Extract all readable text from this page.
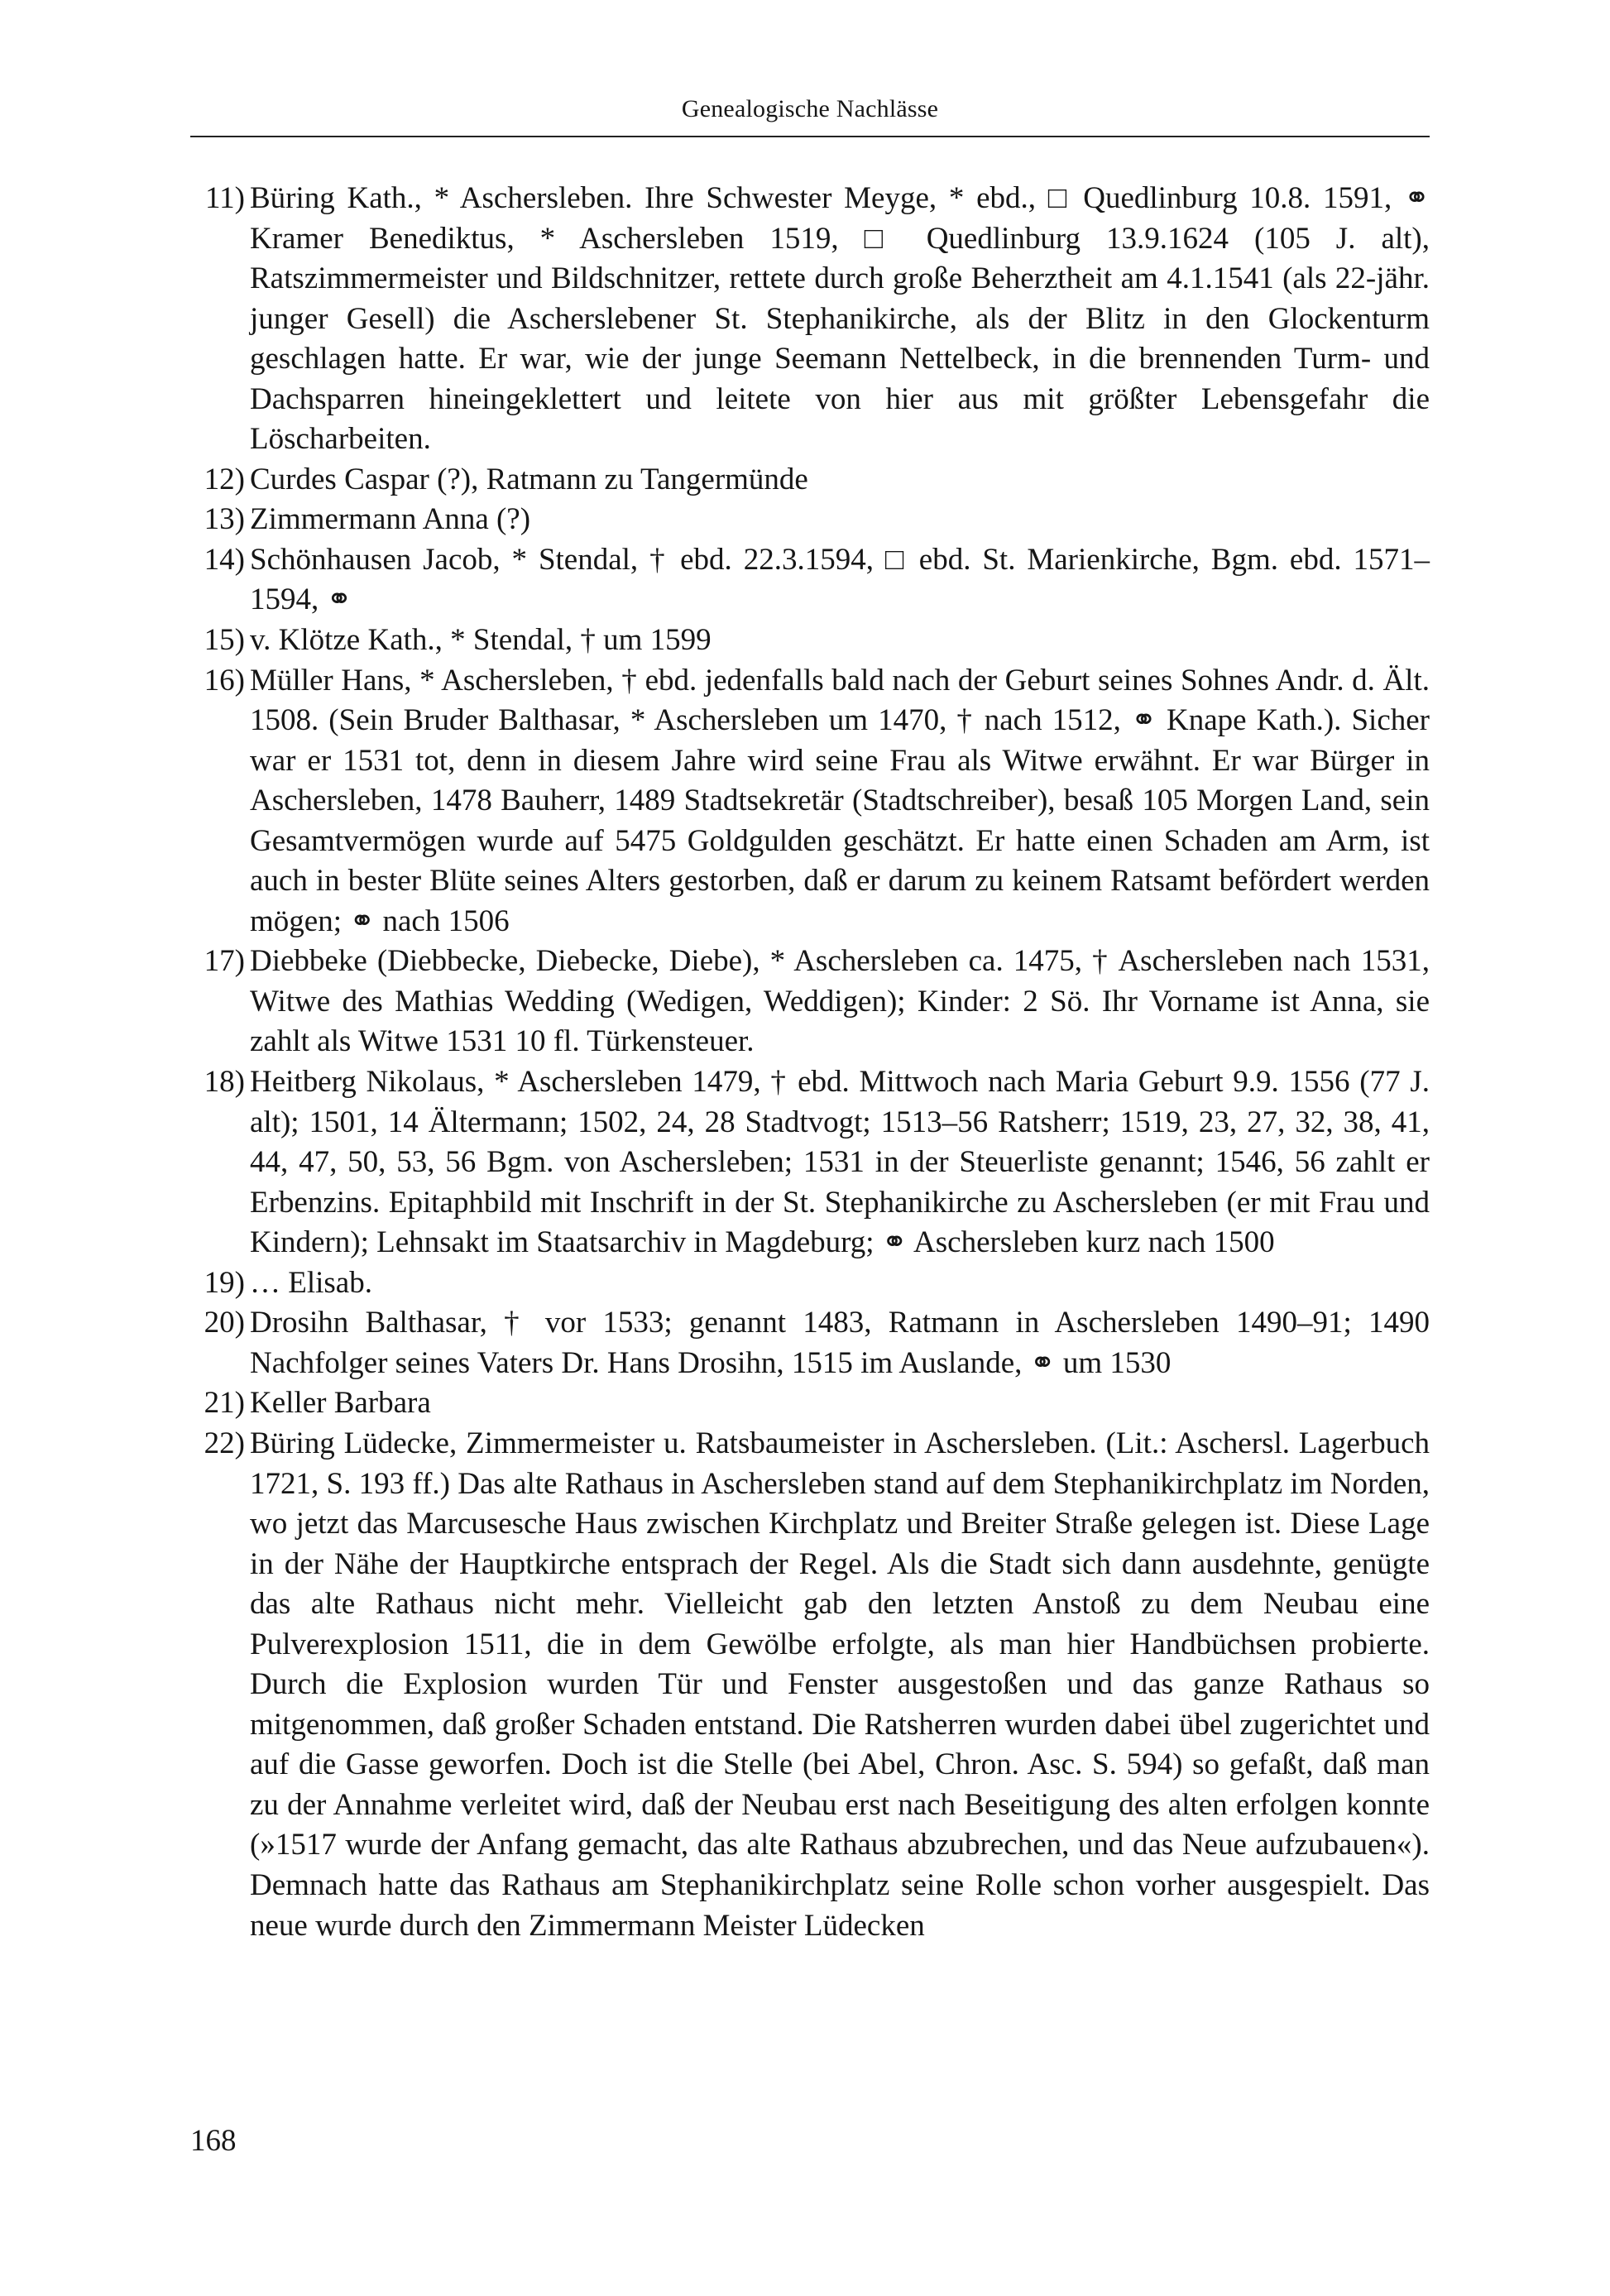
Genealogische Nachlässe
11) Büring Kath., * Aschersleben. Ihre Schwester Meyge, * ebd., □ Quedlinburg 10.8. 1591, ⚭ Kramer Benediktus, * Aschersleben 1519, □ Quedlinburg 13.9.1624 (105 J. alt), Ratszimmermeister und Bildschnitzer, rettete durch große Beherztheit am 4.1.1541 (als 22-jähr. junger Gesell) die Ascherslebener St. Stephanikirche, als der Blitz in den Glockenturm geschlagen hatte. Er war, wie der junge Seemann Nettelbeck, in die brennenden Turm- und Dachsparren hineingeklettert und leitete von hier aus mit größter Lebensgefahr die Löscharbeiten.
12) Curdes Caspar (?), Ratmann zu Tangermünde
13) Zimmermann Anna (?)
14) Schönhausen Jacob, * Stendal, † ebd. 22.3.1594, □ ebd. St. Marienkirche, Bgm. ebd. 1571–1594, ⚭
15) v. Klötze Kath., * Stendal, † um 1599
16) Müller Hans, * Aschersleben, † ebd. jedenfalls bald nach der Geburt seines Sohnes Andr. d. Ält. 1508. (Sein Bruder Balthasar, * Aschersleben um 1470, † nach 1512, ⚭ Knape Kath.). Sicher war er 1531 tot, denn in diesem Jahre wird seine Frau als Witwe erwähnt. Er war Bürger in Aschersleben, 1478 Bauherr, 1489 Stadtsekretär (Stadtschreiber), besaß 105 Morgen Land, sein Gesamtvermögen wurde auf 5475 Goldgulden geschätzt. Er hatte einen Schaden am Arm, ist auch in bester Blüte seines Alters gestorben, daß er darum zu keinem Ratsamt befördert werden mögen; ⚭ nach 1506
17) Diebbeke (Diebbecke, Diebecke, Diebe), * Aschersleben ca. 1475, † Aschersleben nach 1531, Witwe des Mathias Wedding (Wedigen, Weddigen); Kinder: 2 Sö. Ihr Vorname ist Anna, sie zahlt als Witwe 1531 10 fl. Türkensteuer.
18) Heitberg Nikolaus, * Aschersleben 1479, † ebd. Mittwoch nach Maria Geburt 9.9. 1556 (77 J. alt); 1501, 14 Ältermann; 1502, 24, 28 Stadtvogt; 1513–56 Ratsherr; 1519, 23, 27, 32, 38, 41, 44, 47, 50, 53, 56 Bgm. von Aschersleben; 1531 in der Steuerliste genannt; 1546, 56 zahlt er Erbenzins. Epitaphbild mit Inschrift in der St. Stephanikirche zu Aschersleben (er mit Frau und Kindern); Lehnsakt im Staatsarchiv in Magdeburg; ⚭ Aschersleben kurz nach 1500
19) … Elisab.
20) Drosihn Balthasar, † vor 1533; genannt 1483, Ratmann in Aschersleben 1490–91; 1490 Nachfolger seines Vaters Dr. Hans Drosihn, 1515 im Auslande, ⚭ um 1530
21) Keller Barbara
22) Büring Lüdecke, Zimmermeister u. Ratsbaumeister in Aschersleben. (Lit.: Aschersl. Lagerbuch 1721, S. 193 ff.) Das alte Rathaus in Aschersleben stand auf dem Stephanikirchplatz im Norden, wo jetzt das Marcusesche Haus zwischen Kirchplatz und Breiter Straße gelegen ist. Diese Lage in der Nähe der Hauptkirche entsprach der Regel. Als die Stadt sich dann ausdehnte, genügte das alte Rathaus nicht mehr. Vielleicht gab den letzten Anstoß zu dem Neubau eine Pulverexplosion 1511, die in dem Gewölbe erfolgte, als man hier Handbüchsen probierte. Durch die Explosion wurden Tür und Fenster ausgestoßen und das ganze Rathaus so mitgenommen, daß großer Schaden entstand. Die Ratsherren wurden dabei übel zugerichtet und auf die Gasse geworfen. Doch ist die Stelle (bei Abel, Chron. Asc. S. 594) so gefaßt, daß man zu der Annahme verleitet wird, daß der Neubau erst nach Beseitigung des alten erfolgen konnte (»1517 wurde der Anfang gemacht, das alte Rathaus abzubrechen, und das Neue aufzubauen«). Demnach hatte das Rathaus am Stephanikirchplatz seine Rolle schon vorher ausgespielt. Das neue wurde durch den Zimmermann Meister Lüdecken
168
